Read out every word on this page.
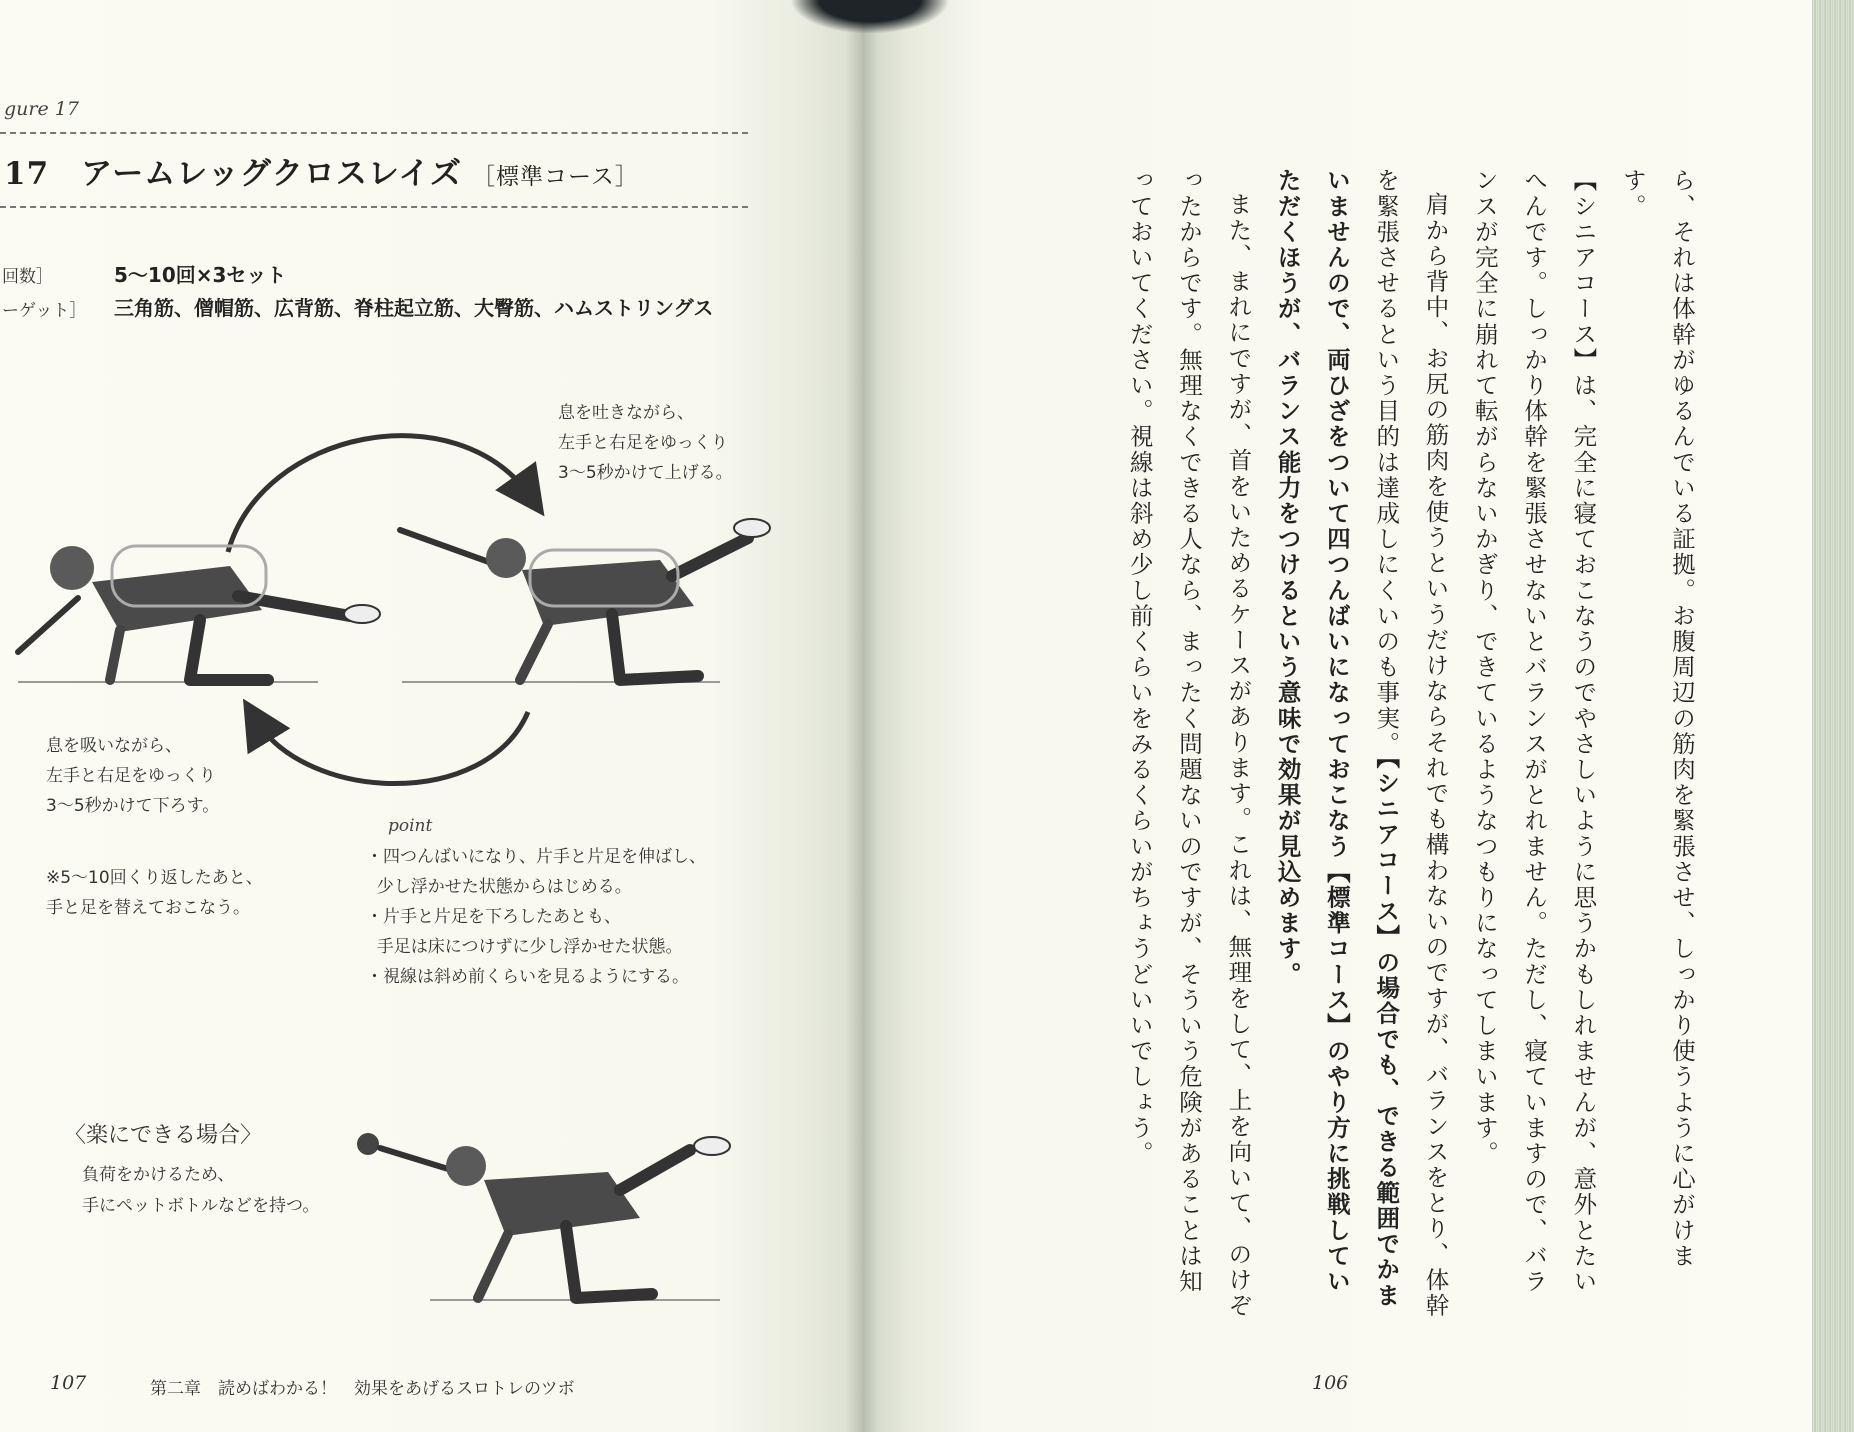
gure 17
17　 アームレッグクロスレイズ ［標準コース］
回数］	5〜10回×3セット
ーゲット］ 三角筋、僧帽筋、広背筋、脊柱起立筋、大臀筋、ハムストリングス
息を吐きながら、
左手と右足をゆっくり
3〜5秒かけて上げる。
息を吸いながら、
左手と右足をゆっくり
3〜5秒かけて下ろす。
※5〜10回くり返したあと、
手と足を替えておこなう。
point
・四つんばいになり、片手と片足を伸ばし、
少し浮かせた状態からはじめる。
・片手と片足を下ろしたあとも、
手足は床につけずに少し浮かせた状態。
・視線は斜め前くらいを見るようにする。
〈楽にできる場合〉
負荷をかけるため、
手にペットボトルなどを持つ。
107	第二章　読めばわかる！　効果をあげるスロトレのツボ	106

ら、それは体幹がゆるんでいる証拠。お腹周辺の筋肉を緊張させ、しっかり使うように心がけます。

【シニアコース】は、完全に寝ておこなうのでやさしいように思うかもしれませんが、意外とたいへんです。しっかり体幹を緊張させないとバランスがとれません。ただし、寝ていますので、バランスが完全に崩れて転がらないかぎり、できているようなつもりになってしまいます。

肩から背中、お尻の筋肉を使うというだけならそれでも構わないのですが、バランスをとり、体幹を緊張させるという目的は達成しにくいのも事実。【シニアコース】の場合でも、できる範囲でかまいませんので、両ひざをついて四つんばいになっておこなう【標準コース】のやり方に挑戦していただくほうが、バランス能力をつけるという意味で効果が見込めます。

また、まれにですが、首をいためるケースがあります。これは、無理をして、上を向いて、のけぞったからです。無理なくできる人なら、まったく問題ないのですが、そういう危険があることは知っておいてください。視線は斜め少し前くらいをみるくらいがちょうどいいでしょう。
